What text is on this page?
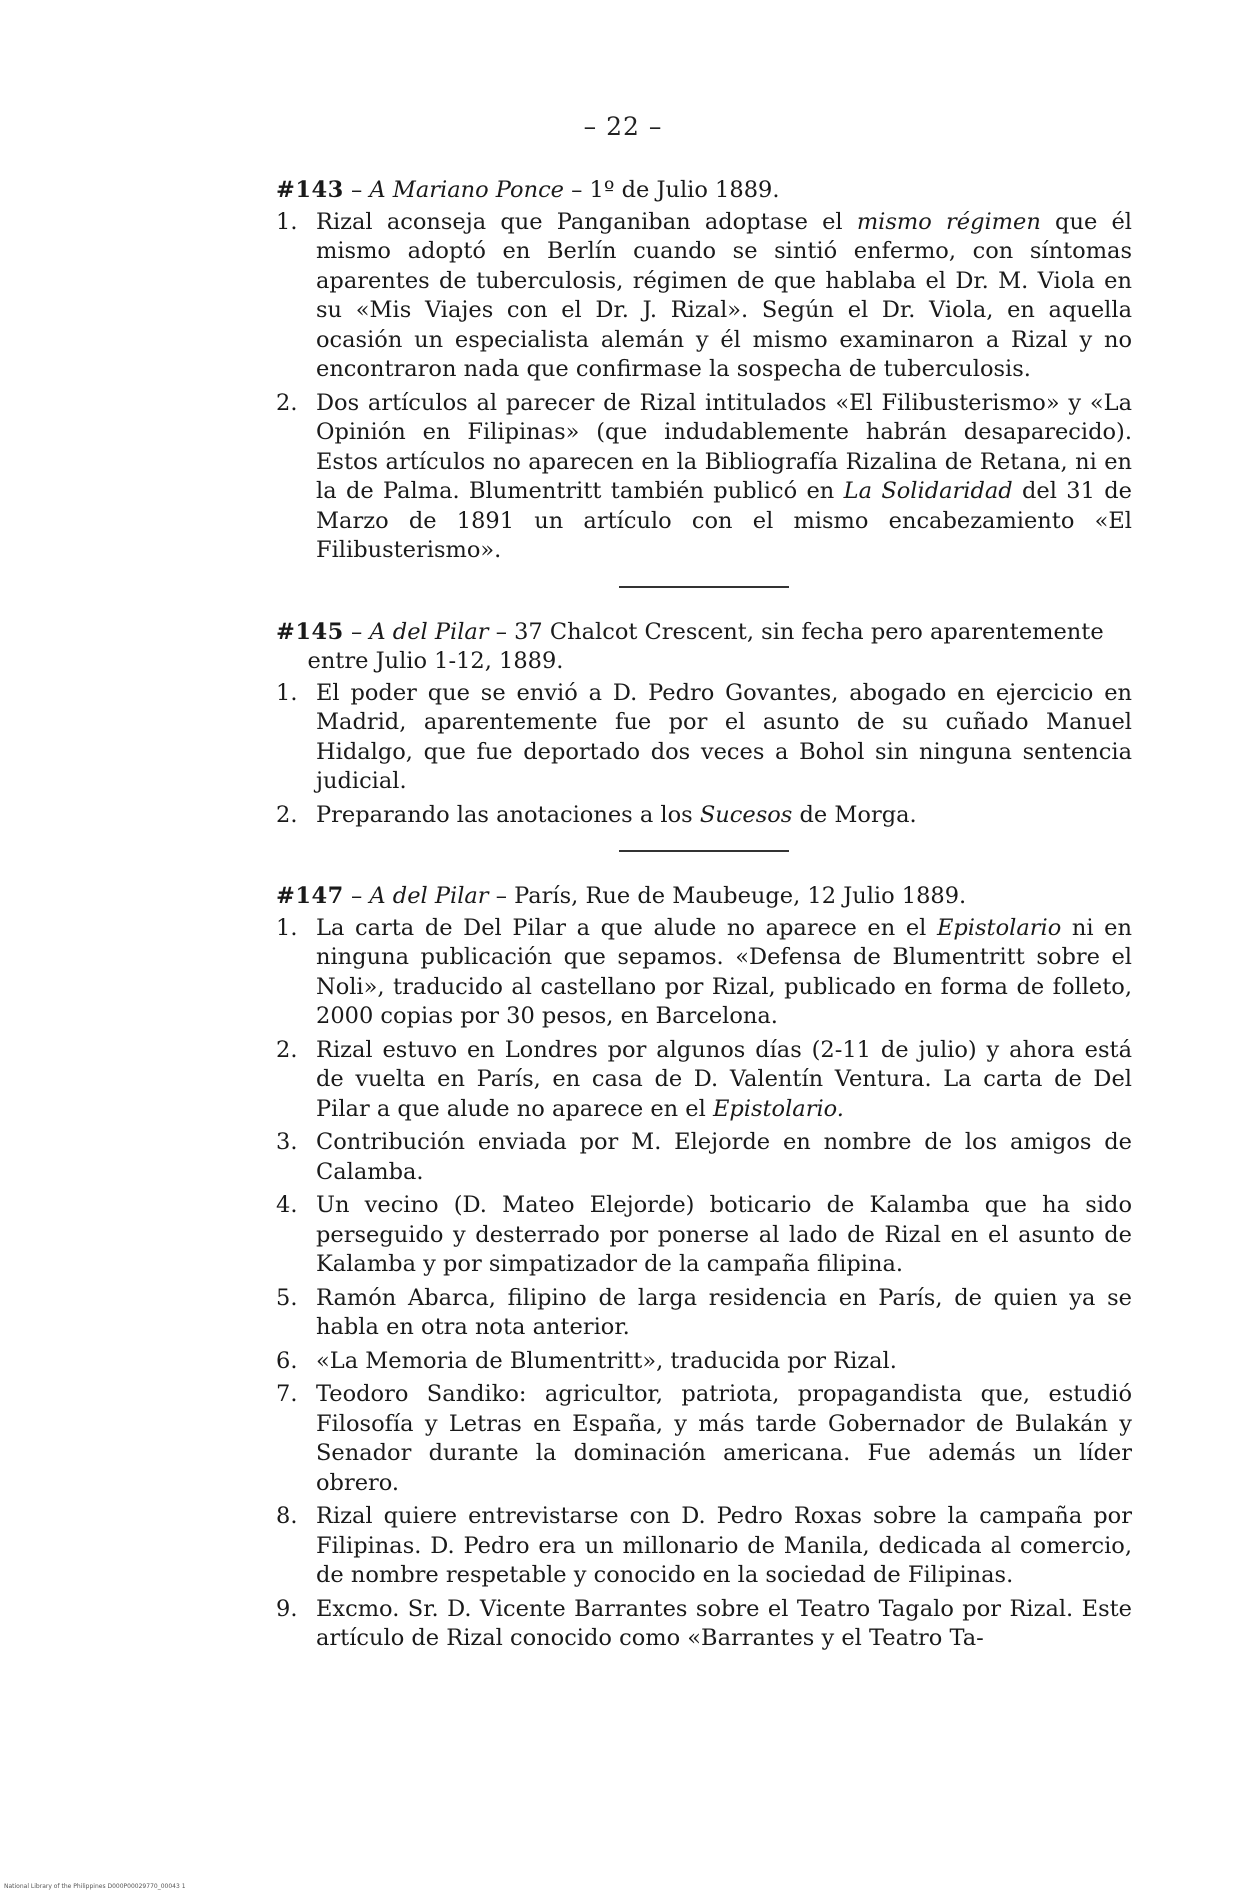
– 22 –

#143 – A Mariano Ponce – 1º de Julio 1889.

1. Rizal aconseja que Panganiban adoptase el mismo régimen que él mismo adoptó en Berlín cuando se sintió enfermo, con síntomas aparentes de tuberculosis, régimen de que hablaba el Dr. M. Viola en su «Mis Viajes con el Dr. J. Rizal». Según el Dr. Viola, en aquella ocasión un especialista alemán y él mismo examinaron a Rizal y no encontraron nada que confirmase la sospecha de tuberculosis.
2. Dos artículos al parecer de Rizal intitulados «El Filibusterismo» y «La Opinión en Filipinas» (que indudablemente habrán desaparecido). Estos artículos no aparecen en la Bibliografía Rizalina de Retana, ni en la de Palma. Blumentritt también publicó en La Solidaridad del 31 de Marzo de 1891 un artículo con el mismo encabezamiento «El Filibusterismo».

#145 – A del Pilar – 37 Chalcot Crescent, sin fecha pero aparentemente entre Julio 1-12, 1889.

1. El poder que se envió a D. Pedro Govantes, abogado en ejercicio en Madrid, aparentemente fue por el asunto de su cuñado Manuel Hidalgo, que fue deportado dos veces a Bohol sin ninguna sentencia judicial.
2. Preparando las anotaciones a los Sucesos de Morga.

#147 – A del Pilar – París, Rue de Maubeuge, 12 Julio 1889.

1. La carta de Del Pilar a que alude no aparece en el Epistolario ni en ninguna publicación que sepamos. «Defensa de Blumentritt sobre el Noli», traducido al castellano por Rizal, publicado en forma de folleto, 2000 copias por 30 pesos, en Barcelona.
2. Rizal estuvo en Londres por algunos días (2-11 de julio) y ahora está de vuelta en París, en casa de D. Valentín Ventura. La carta de Del Pilar a que alude no aparece en el Epistolario.
3. Contribución enviada por M. Elejorde en nombre de los amigos de Calamba.
4. Un vecino (D. Mateo Elejorde) boticario de Kalamba que ha sido perseguido y desterrado por ponerse al lado de Rizal en el asunto de Kalamba y por simpatizador de la campaña filipina.
5. Ramón Abarca, filipino de larga residencia en París, de quien ya se habla en otra nota anterior.
6. «La Memoria de Blumentritt», traducida por Rizal.
7. Teodoro Sandiko: agricultor, patriota, propagandista que, estudió Filosofía y Letras en España, y más tarde Gobernador de Bulakán y Senador durante la dominación americana. Fue además un líder obrero.
8. Rizal quiere entrevistarse con D. Pedro Roxas sobre la campaña por Filipinas. D. Pedro era un millonario de Manila, dedicada al comercio, de nombre respetable y conocido en la sociedad de Filipinas.
9. Excmo. Sr. D. Vicente Barrantes sobre el Teatro Tagalo por Rizal. Este artículo de Rizal conocido como «Barrantes y el Teatro Ta-
National Library of the Philippines D000P00029770_00043 1
